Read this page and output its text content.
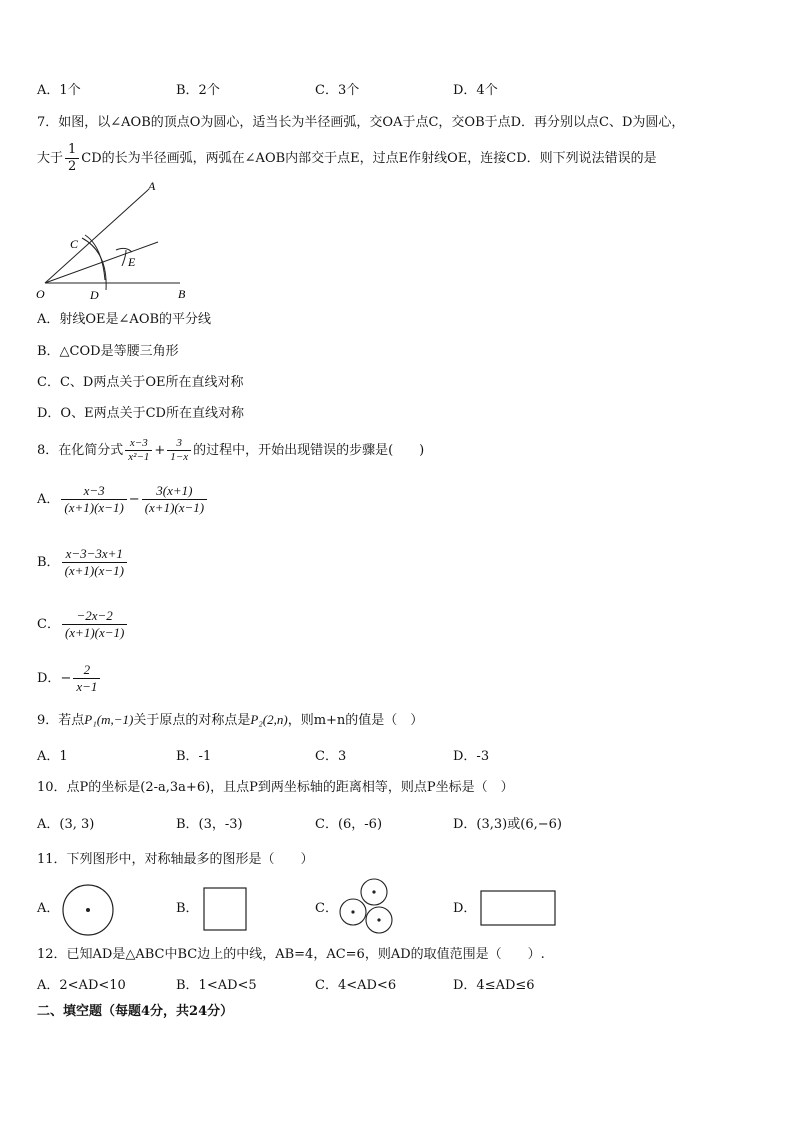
A．1个	B．2个	C．3个	D．4个
7．如图，以∠AOB的顶点O为圆心，适当长为半径画弧，交OA于点C，交OB于点D．再分别以点C、D为圆心，
大于 $\frac{1}{2}$ CD的长为半径画弧，两弧在∠AOB内部交于点E，过点E作射线OE，连接CD．则下列说法错误的是
A
B
C
D
E
O
A．射线OE是∠AOB的平分线
B．△COD是等腰三角形
C．C、D两点关于OE所在直线对称
D．O、E两点关于CD所在直线对称
8．在化简分式 $\frac{x-3}{\text{x²−1}} + \frac{3}{1-x}$ 的过程中，开始出现错误的步骤是(　　)
A． $\frac{x-3}{(x+1)(x-1)} - \frac{3(x+1)}{(x+1)(x-1)}$
B． $\frac{x-3-3x+1}{(x+1)(x-1)}$
C． $\frac{-2x-2}{(x+1)(x-1)}$
D．− $\frac{2}{x-1}$
9．若点P₁(m,−1)关于原点的对称点是P₂(2,n)，则m+n的值是（　）
A．1	B．-1	C．3	D．-3
10．点P的坐标是(2-a,3a+6)，且点P到两坐标轴的距离相等，则点P坐标是（　）
A．(3, 3)	B．(3，-3)	C．(6，-6)	D．(3,3)或(6,−6)
11．下列图形中，对称轴最多的图形是（　　）
A．	B．	C．	D．
12．已知AD是△ABC中BC边上的中线，AB=4，AC=6，则AD的取值范围是（　　）.
A．2<AD<10	B．1<AD<5	C．4<AD<6	D．4≤AD≤6
二、填空题（每题4分，共24分）
